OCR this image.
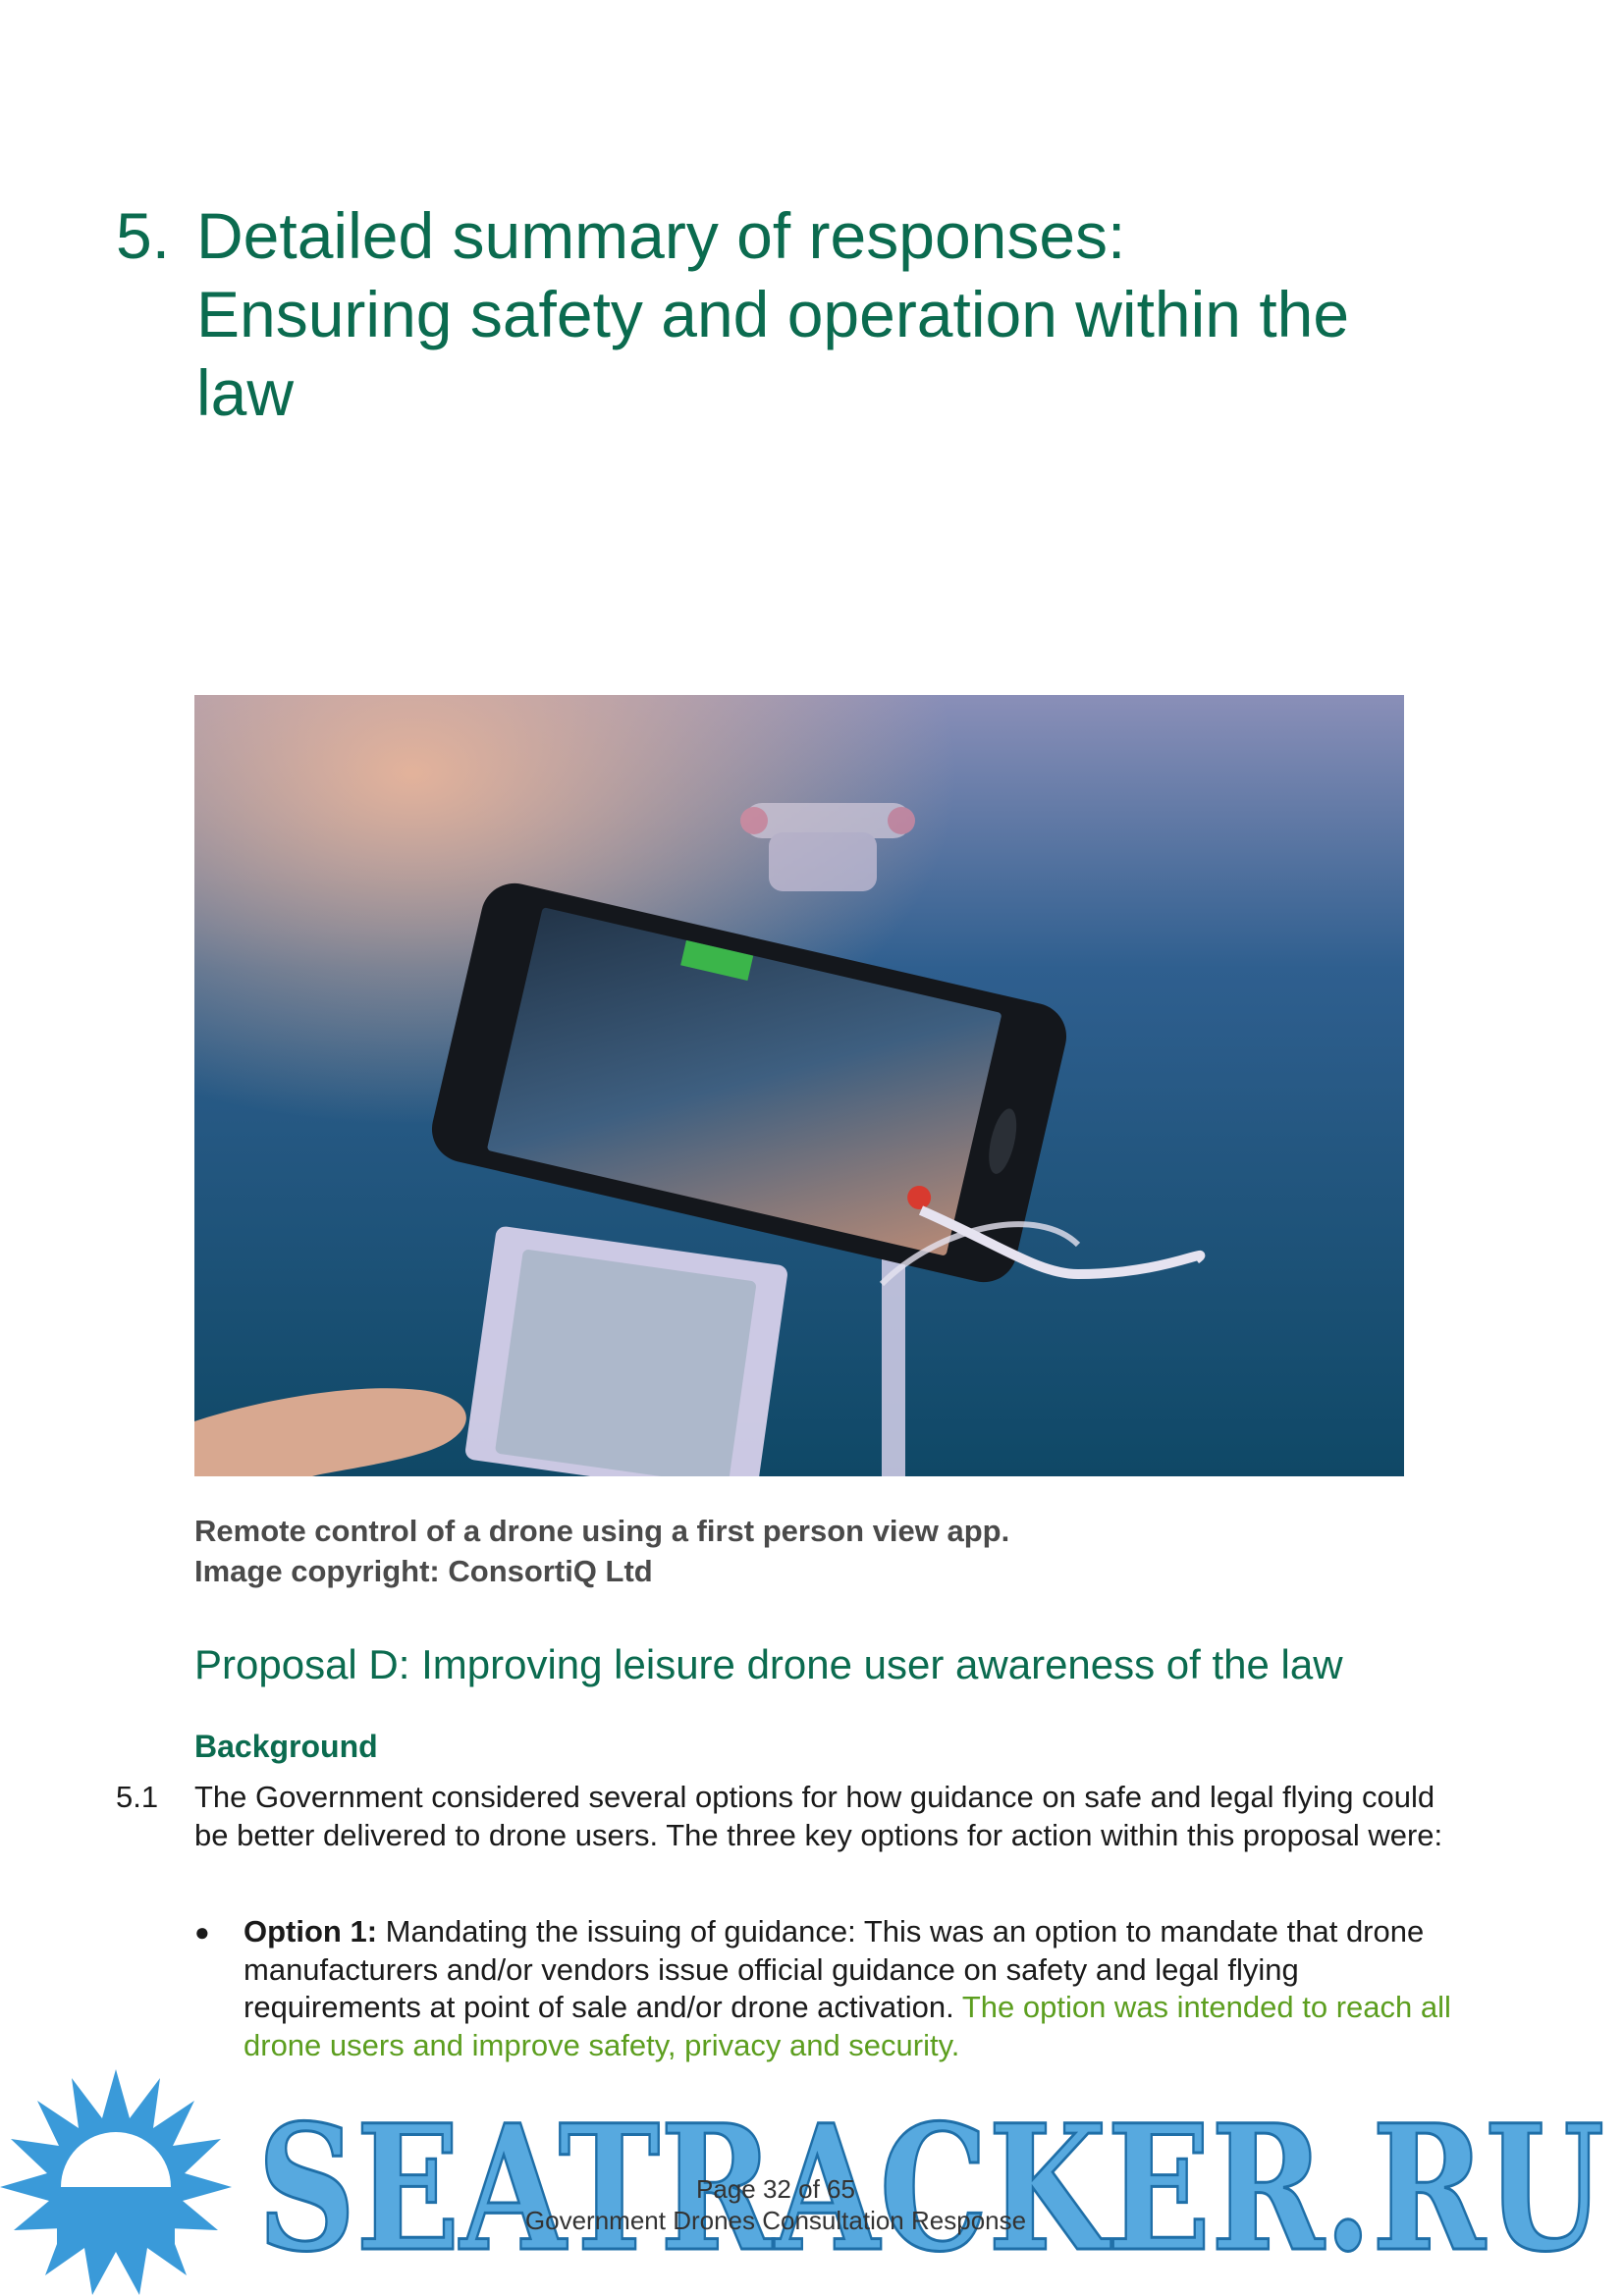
5. Detailed summary of responses:
Ensuring safety and operation within the
law
Remote control of a drone using a first person view app.
Image copyright: ConsortiQ Ltd
Proposal D: Improving leisure drone user awareness of the law
Background
5.1 The Government considered several options for how guidance on safe and legal flying could be better delivered to drone users. The three key options for action within this proposal were:
● Option 1: Mandating the issuing of guidance: This was an option to mandate that drone manufacturers and/or vendors issue official guidance on safety and legal flying requirements at point of sale and/or drone activation. The option was intended to reach all drone users and improve safety, privacy and security.
SEATRACKER.RU
Page 32 of 65
Government Drones Consultation Response
